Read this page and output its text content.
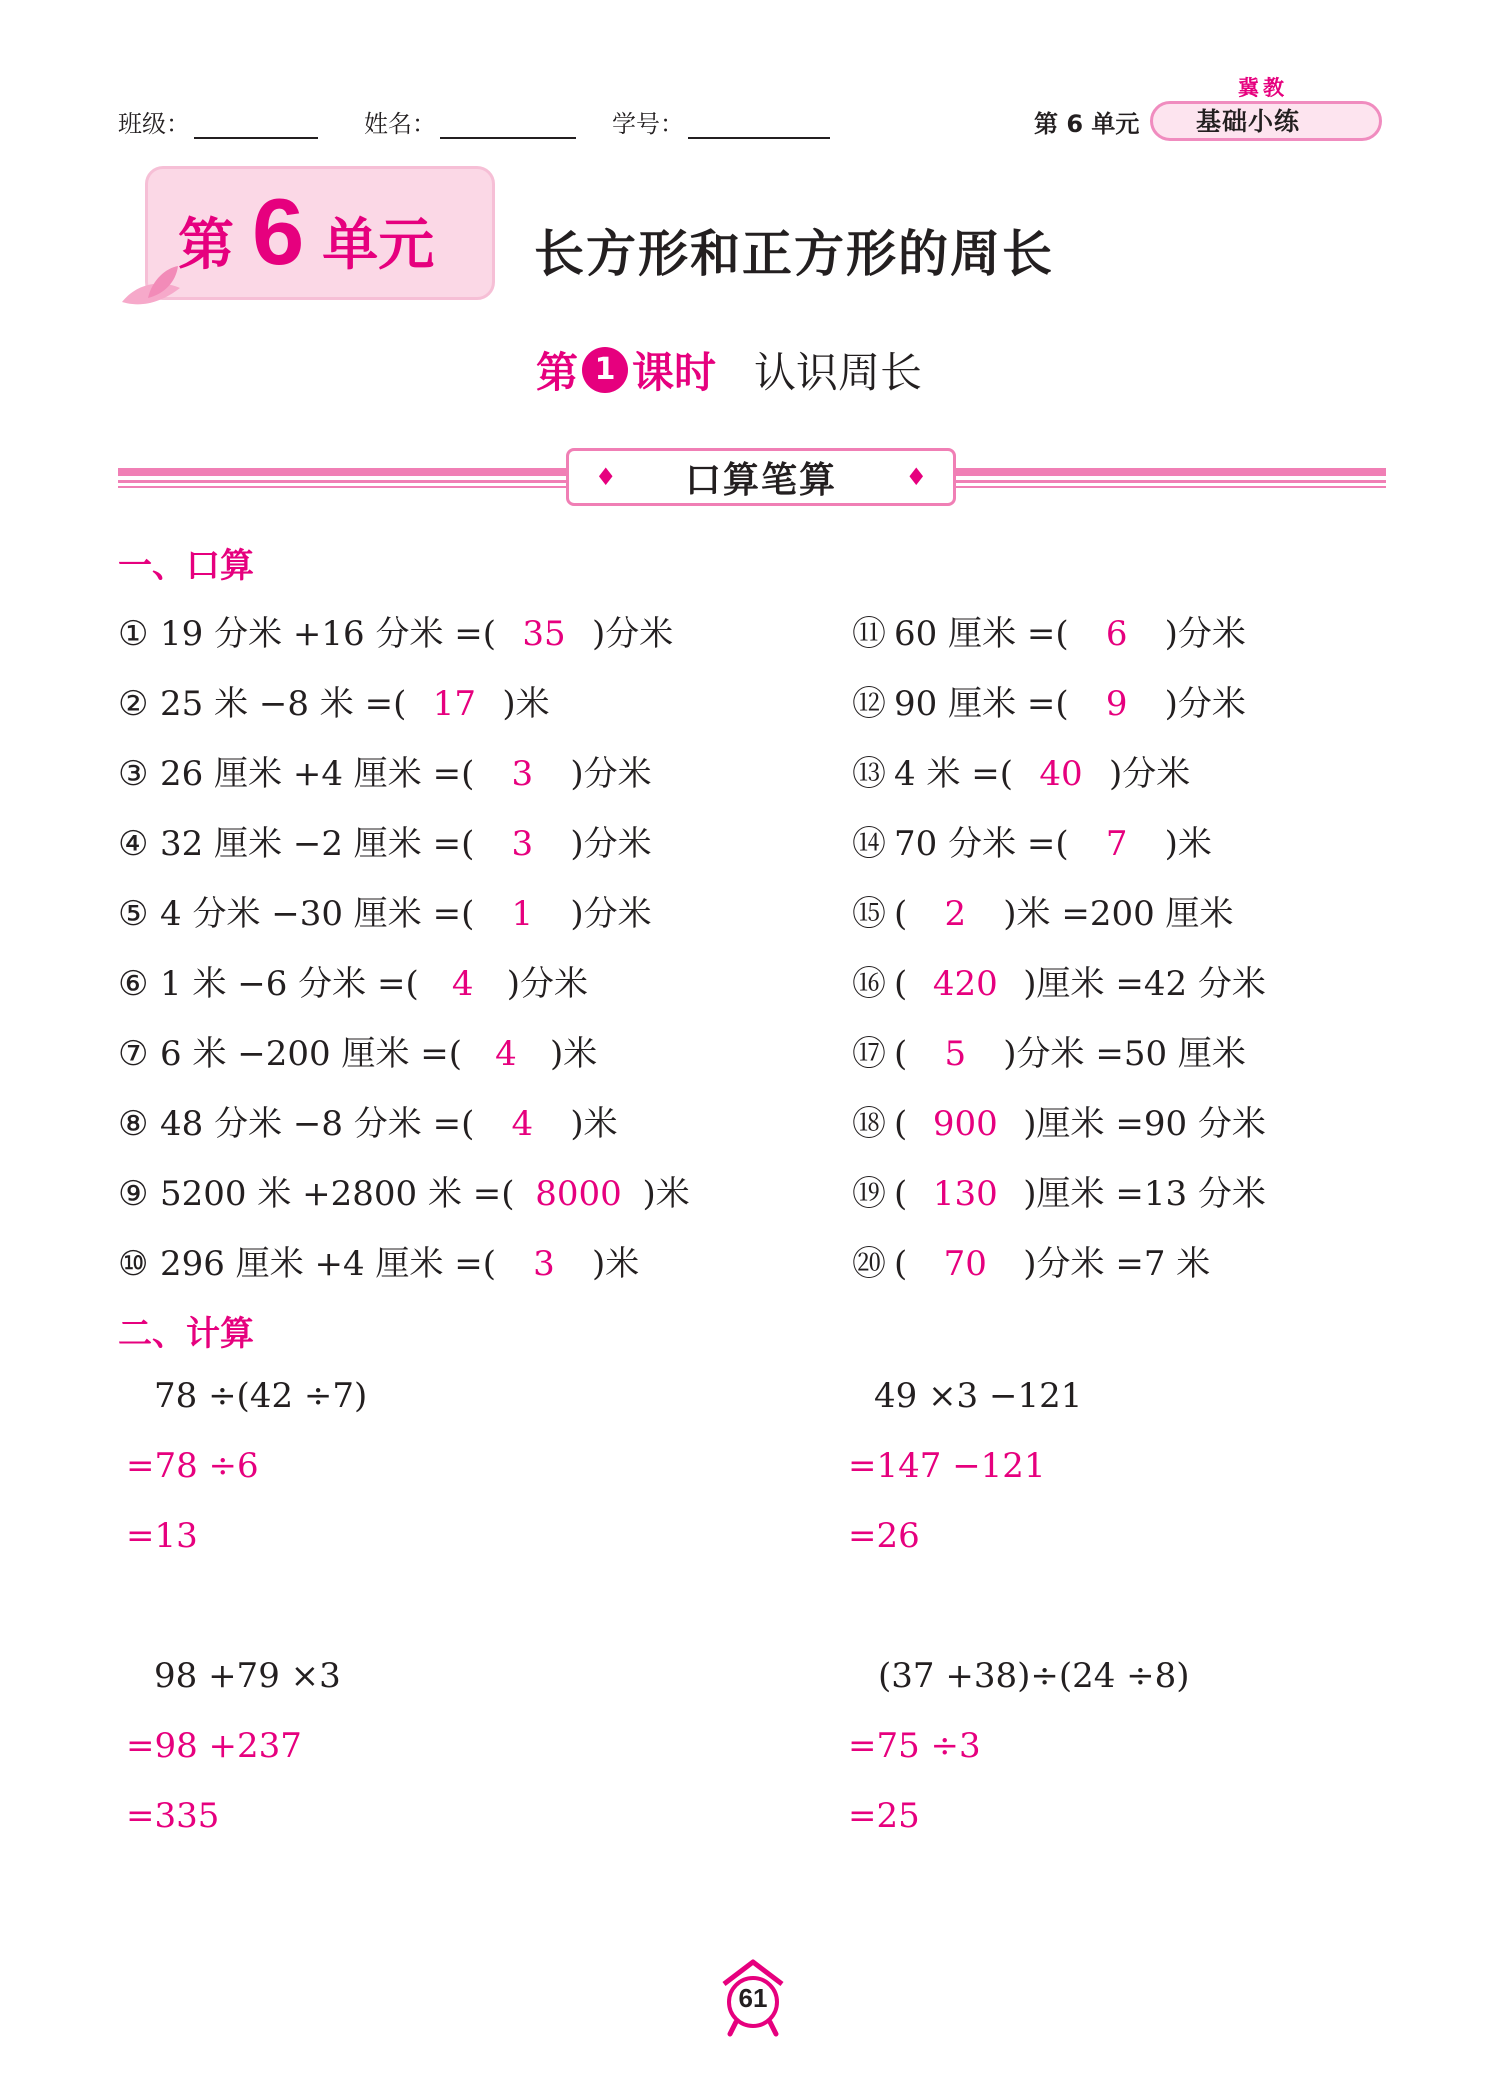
班级：	姓名：	学号：	第 6 单元
冀教
基础小练
第 6 单元 长方形和正方形的周长
第 1 课时 认识周长
♦ 口算笔算	♦
一、口算
① 19 分米 +16 分米 =( 35 )分米
② 25 米 −8 米 =( 17 )米
③ 26 厘米 +4 厘米 =(	3	)分米
④ 32 厘米 −2 厘米 =(	3	)分米
⑤ 4 分米 −30 厘米 =(	1	)分米
⑥ 1 米 −6 分米 =( 4 )分米
⑦ 6 米 −200 厘米 =( 4 )米
⑧ 48 分米 −8 分米 =(	4	)米
⑨ 5200 米 +2800 米 =( 8000 )米
⑩ 296 厘米 +4 厘米 =(	3	)米
⑪ 60 厘米 =(	6	)分米
⑫ 90 厘米 =(	9	)分米
⑬ 4 米 =( 40 )分米
⑭ 70 分米 =(	7	)米
⑮ (	2	)米 =200 厘米
⑯ ( 420 )厘米 =42 分米
⑰ (	5	)分米 =50 厘米
⑱ ( 900 )厘米 =90 分米
⑲ ( 130 )厘米 =13 分米
⑳ (	70	)分米 =7 米
二、计算
78 ÷(42 ÷7)
=78 ÷6
=13
49 ×3 −121
=147 −121
=26
98 +79 ×3
=98 +237
=335
(37 +38)÷(24 ÷8)
=75 ÷3
=25
61
